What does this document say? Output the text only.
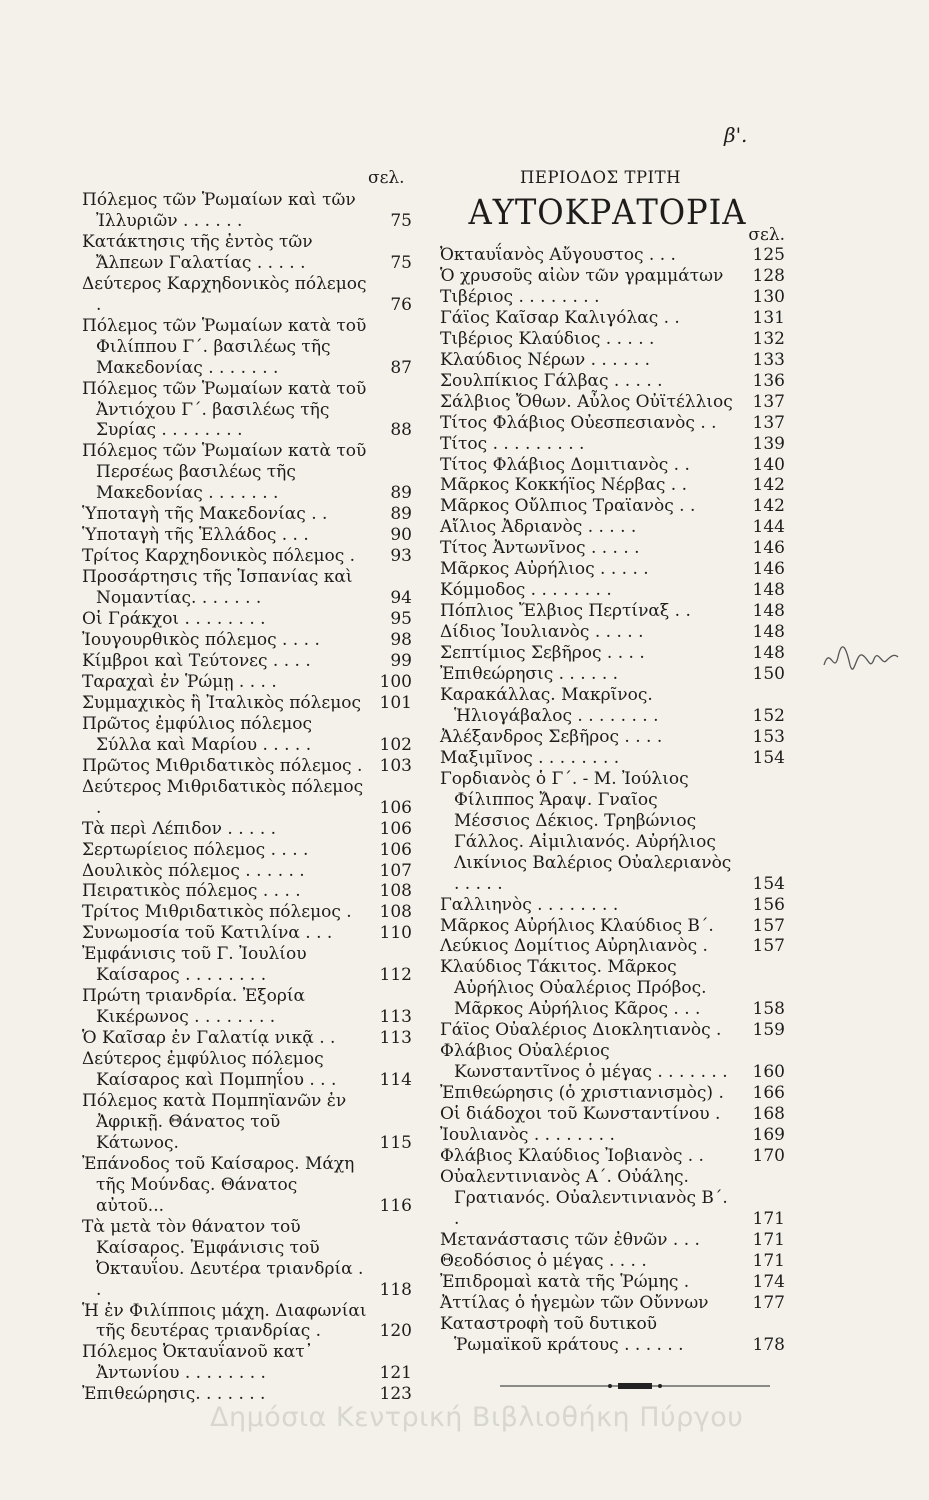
β'.
σελ.
Πόλεμος τῶν Ῥωμαίων καὶ τῶν Ἰλλυριῶν . . . . . .	75
Κατάκτησις τῆς ἐντὸς τῶν Ἄλπεων Γαλατίας . . . . .	75
Δεύτερος Καρχηδονικὸς πόλεμος .	76
Πόλεμος τῶν Ῥωμαίων κατὰ τοῦ Φιλίππου Γ΄. βασιλέως τῆς Μακεδονίας . . . . . . .	87
Πόλεμος τῶν Ῥωμαίων κατὰ τοῦ Ἀντιόχου Γ΄. βασιλέως τῆς Συρίας . . . . . . . .	88
Πόλεμος τῶν Ῥωμαίων κατὰ τοῦ Περσέως βασιλέως τῆς Μακεδονίας . . . . . . .	89
Ὑποταγὴ τῆς Μακεδονίας . .	89
Ὑποταγὴ τῆς Ἑλλάδος . . .	90
Τρίτος Καρχηδονικὸς πόλεμος .	93
Προσάρτησις τῆς Ἱσπανίας καὶ Νομαντίας. . . . . . .	94
Οἱ Γράκχοι . . . . . . . .	95
Ἰουγουρθικὸς πόλεμος . . . .	98
Κίμβροι καὶ Τεύτονες . . . .	99
Ταραχαὶ ἐν Ῥώμῃ . . . .	100
Συμμαχικὸς ἢ Ἰταλικὸς πόλεμος	101
Πρῶτος ἐμφύλιος πόλεμος Σύλλα καὶ Μαρίου . . . . .	102
Πρῶτος Μιθριδατικὸς πόλεμος .	103
Δεύτερος Μιθριδατικὸς πόλεμος .	106
Τὰ περὶ Λέπιδον . . . . .	106
Σερτωρίειος πόλεμος . . . .	106
Δουλικὸς πόλεμος . . . . . .	107
Πειρατικὸς πόλεμος . . . .	108
Τρίτος Μιθριδατικὸς πόλεμος .	108
Συνωμοσία τοῦ Κατιλίνα . . .	110
Ἐμφάνισις τοῦ Γ. Ἰουλίου Καίσαρος . . . . . . . .	112
Πρώτη τριανδρία. Ἐξορία Κικέρωνος . . . . . . . .	113
Ὁ Καῖσαρ ἐν Γαλατίᾳ νικᾷ . .	113
Δεύτερος ἐμφύλιος πόλεμος Καίσαρος καὶ Πομπηΐου . . .	114
Πόλεμος κατὰ Πομπηϊανῶν ἐν Ἀφρικῇ. Θάνατος τοῦ Κάτωνος.	115
Ἐπάνοδος τοῦ Καίσαρος. Μάχη τῆς Μούνδας. Θάνατος αὐτοῦ...	116
Τὰ μετὰ τὸν θάνατον τοῦ Καίσαρος. Ἐμφάνισις τοῦ Ὀκταυΐου. Δευτέρα τριανδρία . .	118
Ἡ ἐν Φιλίπποις μάχη. Διαφωνίαι τῆς δευτέρας τριανδρίας .	120
Πόλεμος Ὀκταυΐανοῦ κατ᾽ Ἀντωνίου . . . . . . . .	121
Ἐπιθεώρησις. . . . . . .	123
ΠΕΡΙΟΔΟΣ ΤΡΙΤΗ
ΑΥΤΟΚΡΑΤΟΡΙΑ
σελ.
Ὀκταυΐανὸς Αὔγουστος . . .	125
Ὁ χρυσοῦς αἰὼν τῶν γραμμάτων	128
Τιβέριος . . . . . . . .	130
Γάϊος Καῖσαρ Καλιγόλας . .	131
Τιβέριος Κλαύδιος . . . . .	132
Κλαύδιος Νέρων . . . . . .	133
Σουλπίκιος Γάλβας . . . . .	136
Σάλβιος Ὄθων. Αὖλος Οὐϊτέλλιος	137
Τίτος Φλάβιος Οὐεσπεσιανὸς . .	137
Τίτος . . . . . . . . .	139
Τίτος Φλάβιος Δομιτιανὸς . .	140
Μᾶρκος Κοκκήϊος Νέρβας . .	142
Μᾶρκος Οὔλπιος Τραϊανὸς . .	142
Αἴλιος Ἀδριανὸς . . . . .	144
Τίτος Ἀντωνῖνος . . . . .	146
Μᾶρκος Αὐρήλιος . . . . .	146
Κόμμοδος . . . . . . . .	148
Πόπλιος Ἔλβιος Περτίναξ . .	148
Δίδιος Ἰουλιανὸς . . . . .	148
Σεπτίμιος Σεβῆρος . . . .	148
Ἐπιθεώρησις . . . . . .	150
Καρακάλλας. Μακρῖνος. Ἡλιογάβαλος . . . . . . . .	152
Ἀλέξανδρος Σεβῆρος . . . .	153
Μαξιμῖνος . . . . . . . .	154
Γορδιανὸς ὁ Γ΄. - Μ. Ἰούλιος Φίλιππος Ἄραψ. Γναῖος Μέσσιος Δέκιος. Τρηβώνιος Γάλλος. Αἰμιλιανός. Αὐρήλιος Λικίνιος Βαλέριος Οὐαλεριανὸς . . . . .	154
Γαλλιηνὸς . . . . . . . .	156
Μᾶρκος Αὐρήλιος Κλαύδιος Β΄.	157
Λεύκιος Δομίτιος Αὐρηλιανὸς .	157
Κλαύδιος Τάκιτος. Μᾶρκος Αὐρήλιος Οὐαλέριος Πρόβος. Μᾶρκος Αὐρήλιος Κᾶρος . . .	158
Γάϊος Οὐαλέριος Διοκλητιανὸς .	159
Φλάβιος Οὐαλέριος Κωνσταντῖνος ὁ μέγας . . . . . . .	160
Ἐπιθεώρησις (ὁ χριστιανισμὸς) .	166
Οἱ διάδοχοι τοῦ Κωνσταντίνου .	168
Ἰουλιανὸς . . . . . . . .	169
Φλάβιος Κλαύδιος Ἰοβιανὸς . .	170
Οὐαλεντινιανὸς Α΄. Οὐάλης. Γρατιανός. Οὐαλεντινιανὸς Β΄. .	171
Μετανάστασις τῶν ἐθνῶν . . .	171
Θεοδόσιος ὁ μέγας . . . .	171
Ἐπιδρομαὶ κατὰ τῆς Ῥώμης .	174
Ἀττίλας ὁ ἡγεμὼν τῶν Οὔννων	177
Καταστροφὴ τοῦ δυτικοῦ Ῥωμαϊκοῦ κράτους . . . . . .	178
Δημόσια Κεντρική Βιβλιοθήκη Πύργου
